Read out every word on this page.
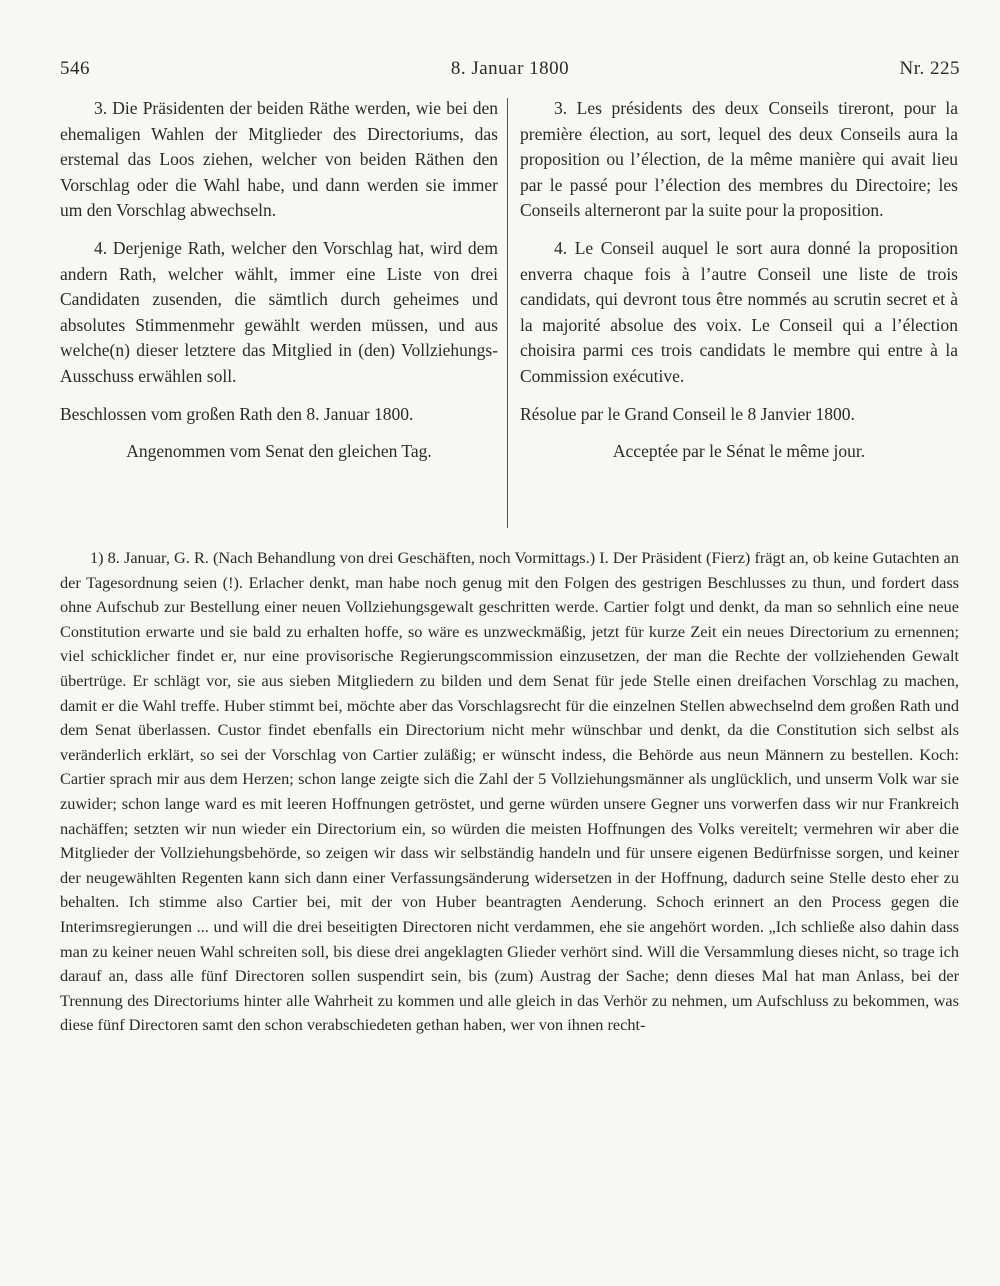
546	8. Januar 1800	Nr. 225

3. Die Präsidenten der beiden Räthe werden, wie bei den ehemaligen Wahlen der Mitglieder des Directoriums, das erstemal das Loos ziehen, welcher von beiden Räthen den Vorschlag oder die Wahl habe, und dann werden sie immer um den Vorschlag abwechseln.

4. Derjenige Rath, welcher den Vorschlag hat, wird dem andern Rath, welcher wählt, immer eine Liste von drei Candidaten zusenden, die sämtlich durch geheimes und absolutes Stimmenmehr gewählt werden müssen, und aus welche(n) dieser letztere das Mitglied in (den) Vollziehungs-Ausschuss erwählen soll.

Beschlossen vom großen Rath den 8. Januar 1800.

Angenommen vom Senat den gleichen Tag.

3. Les présidents des deux Conseils tireront, pour la première élection, au sort, lequel des deux Conseils aura la proposition ou l’élection, de la même manière qui avait lieu par le passé pour l’élection des membres du Directoire; les Conseils alterneront par la suite pour la proposition.

4. Le Conseil auquel le sort aura donné la proposition enverra chaque fois à l’autre Conseil une liste de trois candidats, qui devront tous être nommés au scrutin secret et à la majorité absolue des voix. Le Conseil qui a l’élection choisira parmi ces trois candidats le membre qui entre à la Commission exécutive.

Résolue par le Grand Conseil le 8 Janvier 1800.

Acceptée par le Sénat le même jour.

1) 8. Januar, G. R. (Nach Behandlung von drei Geschäften, noch Vormittags.) I. Der Präsident (Fierz) frägt an, ob keine Gutachten an der Tagesordnung seien (!). Erlacher denkt, man habe noch genug mit den Folgen des gestrigen Beschlusses zu thun, und fordert dass ohne Aufschub zur Bestellung einer neuen Vollziehungsgewalt geschritten werde. Cartier folgt und denkt, da man so sehnlich eine neue Constitution erwarte und sie bald zu erhalten hoffe, so wäre es unzweckmäßig, jetzt für kurze Zeit ein neues Directorium zu ernennen; viel schicklicher findet er, nur eine provisorische Regierungscommission einzusetzen, der man die Rechte der vollziehenden Gewalt übertrüge. Er schlägt vor, sie aus sieben Mitgliedern zu bilden und dem Senat für jede Stelle einen dreifachen Vorschlag zu machen, damit er die Wahl treffe. Huber stimmt bei, möchte aber das Vorschlagsrecht für die einzelnen Stellen abwechselnd dem großen Rath und dem Senat überlassen. Custor findet ebenfalls ein Directorium nicht mehr wünschbar und denkt, da die Constitution sich selbst als veränderlich erklärt, so sei der Vorschlag von Cartier zuläßig; er wünscht indess, die Behörde aus neun Männern zu bestellen. Koch: Cartier sprach mir aus dem Herzen; schon lange zeigte sich die Zahl der 5 Vollziehungsmänner als unglücklich, und unserm Volk war sie zuwider; schon lange ward es mit leeren Hoffnungen getröstet, und gerne würden unsere Gegner uns vorwerfen dass wir nur Frankreich nachäffen; setzten wir nun wieder ein Directorium ein, so würden die meisten Hoffnungen des Volks vereitelt; vermehren wir aber die Mitglieder der Vollziehungsbehörde, so zeigen wir dass wir selbständig handeln und für unsere eigenen Bedürfnisse sorgen, und keiner der neugewählten Regenten kann sich dann einer Verfassungsänderung widersetzen in der Hoffnung, dadurch seine Stelle desto eher zu behalten. Ich stimme also Cartier bei, mit der von Huber beantragten Aenderung. Schoch erinnert an den Process gegen die Interimsregierungen ... und will die drei beseitigten Directoren nicht verdammen, ehe sie angehört worden. „Ich schließe also dahin dass man zu keiner neuen Wahl schreiten soll, bis diese drei angeklagten Glieder verhört sind. Will die Versammlung dieses nicht, so trage ich darauf an, dass alle fünf Directoren sollen suspendirt sein, bis (zum) Austrag der Sache; denn dieses Mal hat man Anlass, bei der Trennung des Directoriums hinter alle Wahrheit zu kommen und alle gleich in das Verhör zu nehmen, um Aufschluss zu bekommen, was diese fünf Directoren samt den schon verabschiedeten gethan haben, wer von ihnen recht-
